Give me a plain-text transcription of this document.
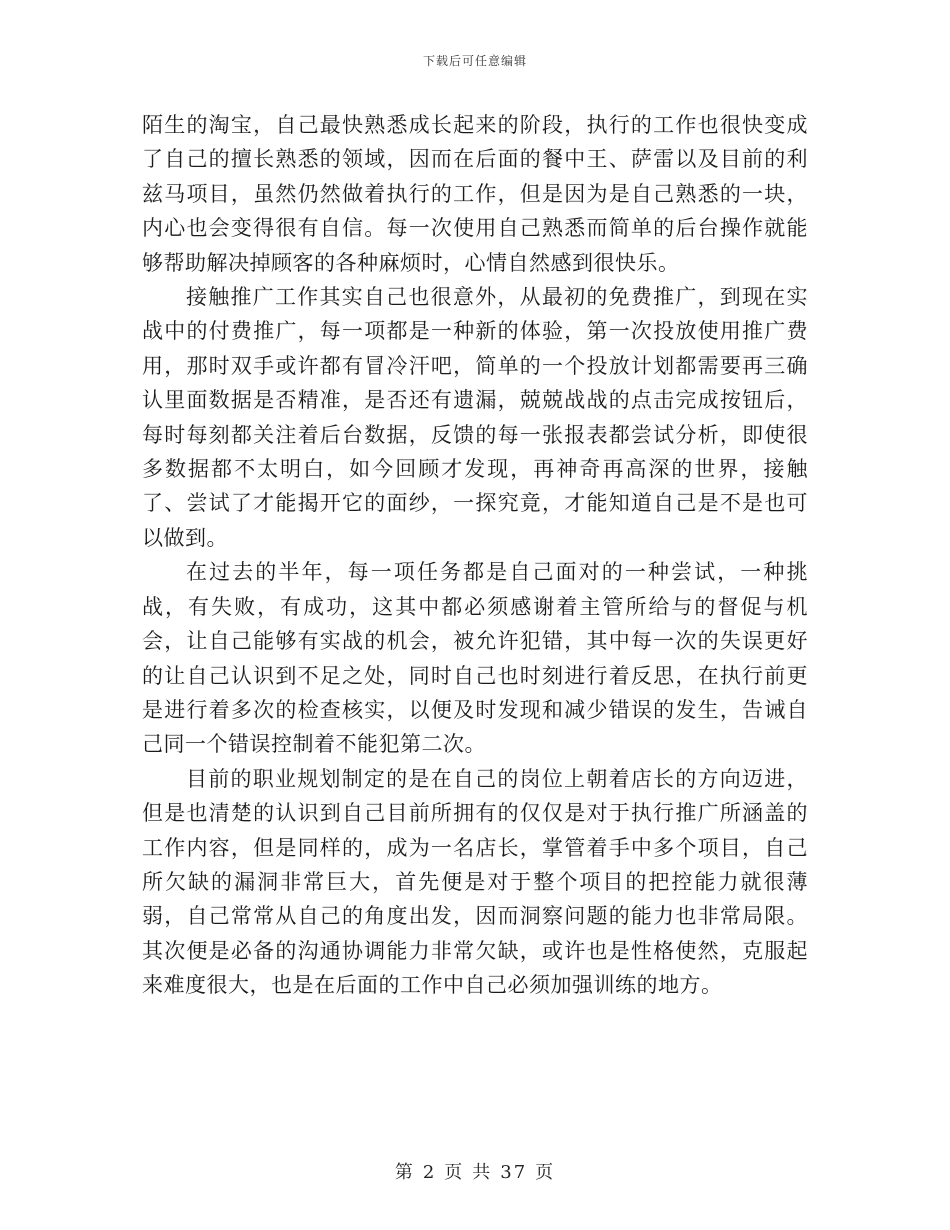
下载后可任意编辑

陌生的淘宝，自己最快熟悉成长起来的阶段，执行的工作也很快变成了自己的擅长熟悉的领域，因而在后面的餐中王、萨雷以及目前的利兹马项目，虽然仍然做着执行的工作，但是因为是自己熟悉的一块，内心也会变得很有自信。每一次使用自己熟悉而简单的后台操作就能够帮助解决掉顾客的各种麻烦时，心情自然感到很快乐。

接触推广工作其实自己也很意外，从最初的免费推广，到现在实战中的付费推广，每一项都是一种新的体验，第一次投放使用推广费用，那时双手或许都有冒冷汗吧，简单的一个投放计划都需要再三确认里面数据是否精准，是否还有遗漏，兢兢战战的点击完成按钮后，每时每刻都关注着后台数据，反馈的每一张报表都尝试分析，即使很多数据都不太明白，如今回顾才发现，再神奇再高深的世界，接触了、尝试了才能揭开它的面纱，一探究竟，才能知道自己是不是也可以做到。

在过去的半年，每一项任务都是自己面对的一种尝试，一种挑战，有失败，有成功，这其中都必须感谢着主管所给与的督促与机会，让自己能够有实战的机会，被允许犯错，其中每一次的失误更好的让自己认识到不足之处，同时自己也时刻进行着反思，在执行前更是进行着多次的检查核实，以便及时发现和减少错误的发生，告诫自己同一个错误控制着不能犯第二次。

目前的职业规划制定的是在自己的岗位上朝着店长的方向迈进，但是也清楚的认识到自己目前所拥有的仅仅是对于执行推广所涵盖的工作内容，但是同样的，成为一名店长，掌管着手中多个项目，自己所欠缺的漏洞非常巨大，首先便是对于整个项目的把控能力就很薄弱，自己常常从自己的角度出发，因而洞察问题的能力也非常局限。其次便是必备的沟通协调能力非常欠缺，或许也是性格使然，克服起来难度很大，也是在后面的工作中自己必须加强训练的地方。

第 2 页 共 37 页
